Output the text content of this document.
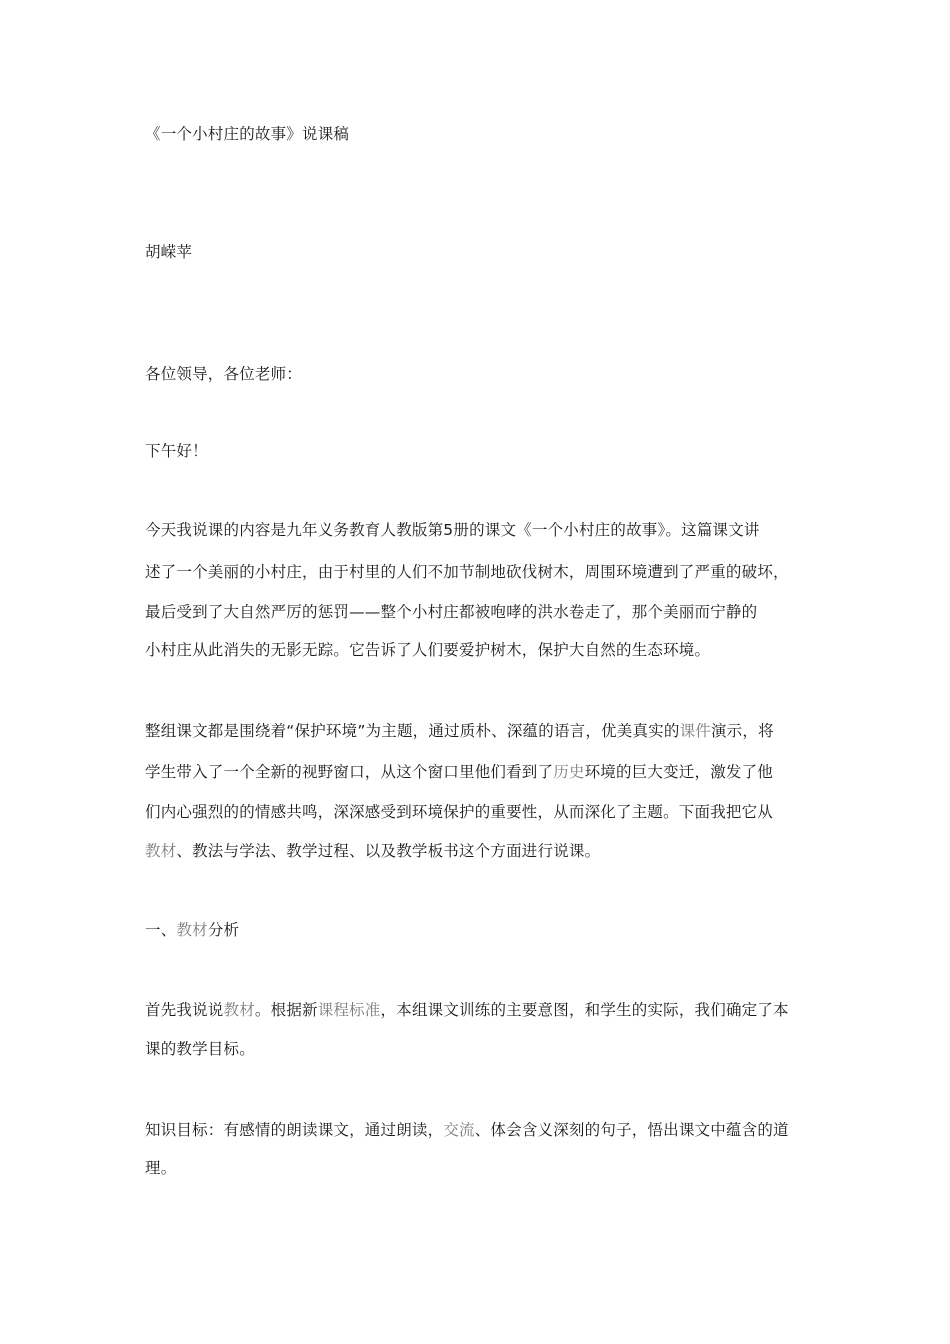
《一个小村庄的故事》说课稿
胡嵘苹
各位领导，各位老师：
下午好！
今天我说课的内容是九年义务教育人教版第5册的课文《一个小村庄的故事》。这篇课文讲
述了一个美丽的小村庄，由于村里的人们不加节制地砍伐树木，周围环境遭到了严重的破坏，
最后受到了大自然严厉的惩罚——整个小村庄都被咆哮的洪水卷走了，那个美丽而宁静的
小村庄从此消失的无影无踪。它告诉了人们要爱护树木，保护大自然的生态环境。
整组课文都是围绕着“保护环境”为主题，通过质朴、深蕴的语言，优美真实的课件演示，将
学生带入了一个全新的视野窗口，从这个窗口里他们看到了历史环境的巨大变迁，激发了他
们内心强烈的的情感共鸣，深深感受到环境保护的重要性，从而深化了主题。下面我把它从
教材、教法与学法、教学过程、以及教学板书这个方面进行说课。
一、教材分析
首先我说说教材。根据新课程标准，本组课文训练的主要意图，和学生的实际，我们确定了本
课的教学目标。
知识目标：有感情的朗读课文，通过朗读，交流、体会含义深刻的句子，悟出课文中蕴含的道
理。
